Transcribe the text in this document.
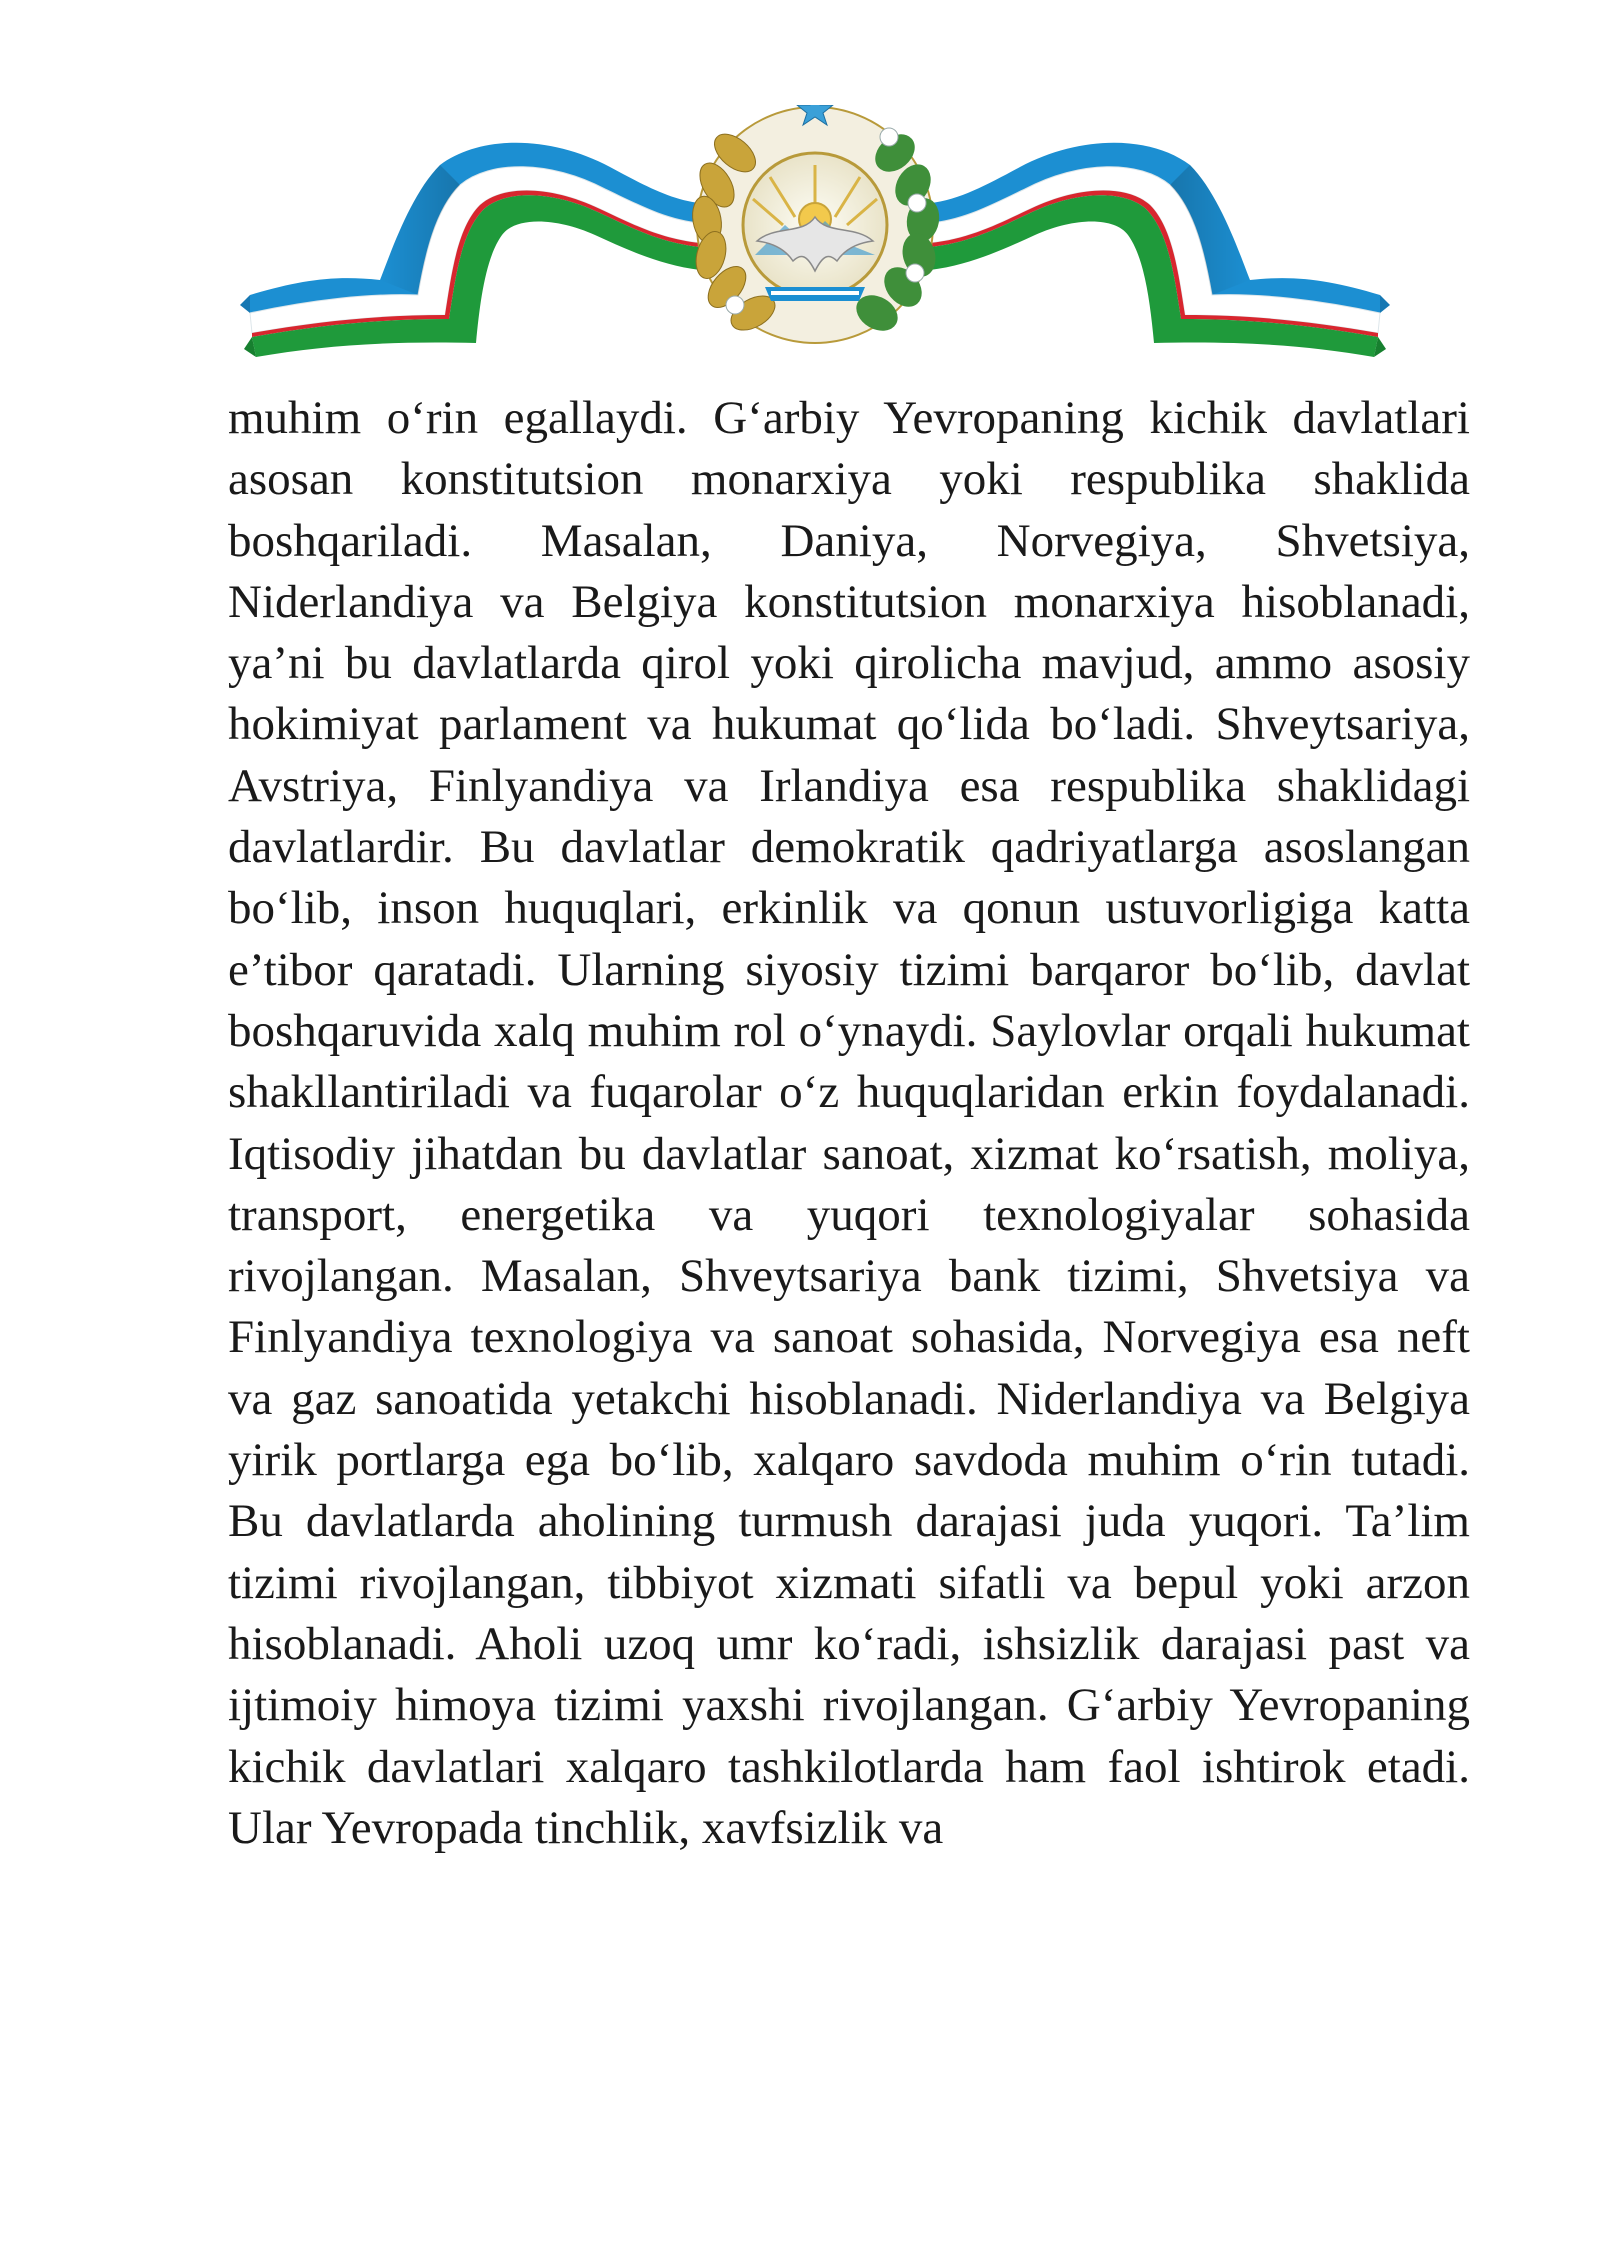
muhim o‘rin egallaydi. G‘arbiy Yevropaning kichik davlatlari asosan konstitutsion monarxiya yoki respublika shaklida boshqariladi. Masalan, Daniya, Norvegiya, Shvetsiya, Niderlandiya va Belgiya konstitutsion monarxiya hisoblanadi, ya’ni bu davlatlarda qirol yoki qirolicha mavjud, ammo asosiy hokimiyat parlament va hukumat qo‘lida bo‘ladi. Shveytsariya, Avstriya, Finlyandiya va Irlandiya esa respublika shaklidagi davlatlardir. Bu davlatlar demokratik qadriyatlarga asoslangan bo‘lib, inson huquqlari, erkinlik va qonun ustuvorligiga katta e’tibor qaratadi. Ularning siyosiy tizimi barqaror bo‘lib, davlat boshqaruvida xalq muhim rol o‘ynaydi. Saylovlar orqali hukumat shakllantiriladi va fuqarolar o‘z huquqlaridan erkin foydalanadi. Iqtisodiy jihatdan bu davlatlar sanoat, xizmat ko‘rsatish, moliya, transport, energetika va yuqori texnologiyalar sohasida rivojlangan. Masalan, Shveytsariya bank tizimi, Shvetsiya va Finlyandiya texnologiya va sanoat sohasida, Norvegiya esa neft va gaz sanoatida yetakchi hisoblanadi. Niderlandiya va Belgiya yirik portlarga ega bo‘lib, xalqaro savdoda muhim o‘rin tutadi. Bu davlatlarda aholining turmush darajasi juda yuqori. Ta’lim tizimi rivojlangan, tibbiyot xizmati sifatli va bepul yoki arzon hisoblanadi. Aholi uzoq umr ko‘radi, ishsizlik darajasi past va ijtimoiy himoya tizimi yaxshi rivojlangan. G‘arbiy Yevropaning kichik davlatlari xalqaro tashkilotlarda ham faol ishtirok etadi. Ular Yevropada tinchlik, xavfsizlik va
